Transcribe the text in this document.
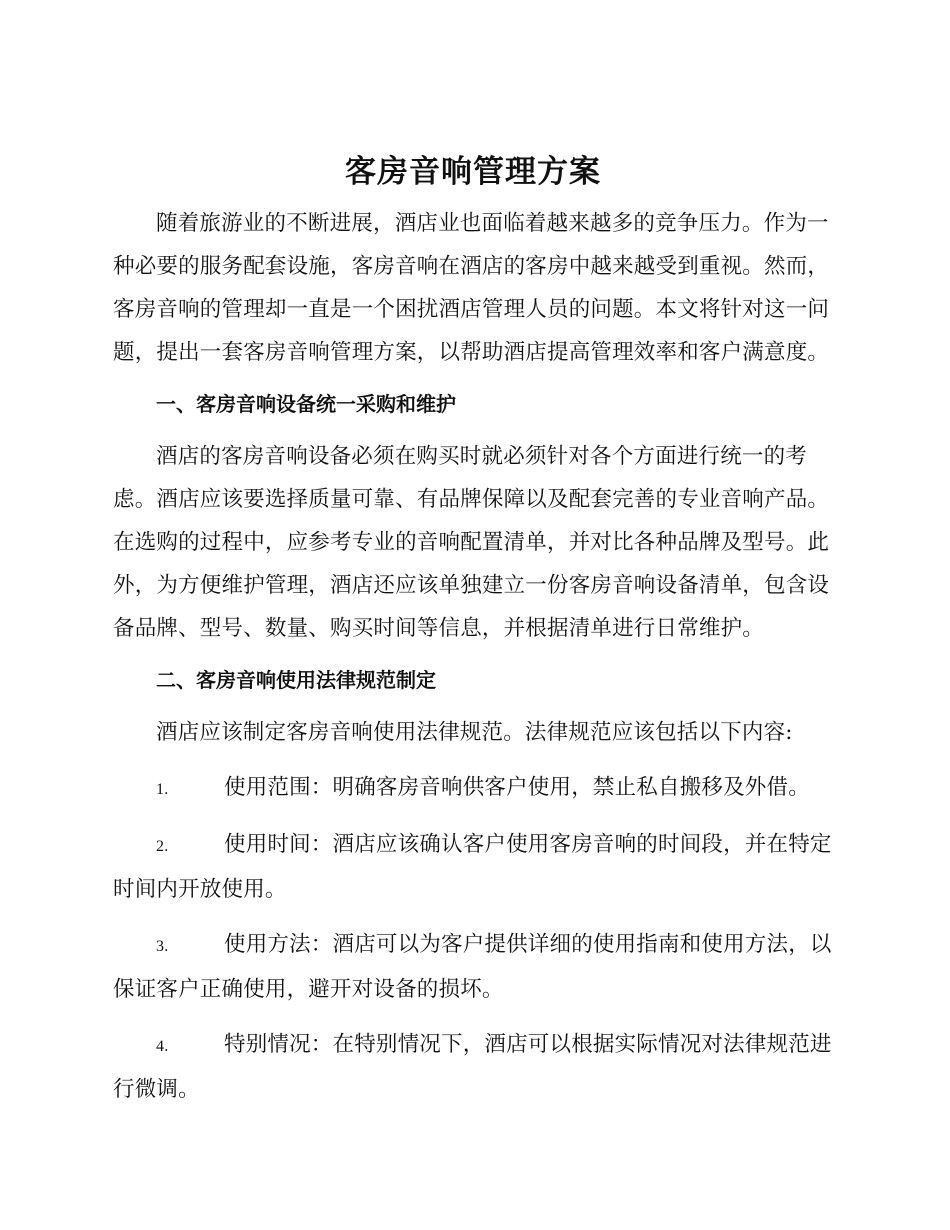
客房音响管理方案

随着旅游业的不断进展，酒店业也面临着越来越多的竞争压力。作为一种必要的服务配套设施，客房音响在酒店的客房中越来越受到重视。然而，客房音响的管理却一直是一个困扰酒店管理人员的问题。本文将针对这一问题，提出一套客房音响管理方案，以帮助酒店提高管理效率和客户满意度。

一、客房音响设备统一采购和维护

酒店的客房音响设备必须在购买时就必须针对各个方面进行统一的考虑。酒店应该要选择质量可靠、有品牌保障以及配套完善的专业音响产品。在选购的过程中，应参考专业的音响配置清单，并对比各种品牌及型号。此外，为方便维护管理，酒店还应该单独建立一份客房音响设备清单，包含设备品牌、型号、数量、购买时间等信息，并根据清单进行日常维护。

二、客房音响使用法律规范制定

酒店应该制定客房音响使用法律规范。法律规范应该包括以下内容:

1.	使用范围：明确客房音响供客户使用，禁止私自搬移及外借。
2.	使用时间：酒店应该确认客户使用客房音响的时间段，并在特定时间内开放使用。
3.	使用方法：酒店可以为客户提供详细的使用指南和使用方法，以保证客户正确使用，避开对设备的损坏。
4.	特别情况：在特别情况下，酒店可以根据实际情况对法律规范进行微调。
